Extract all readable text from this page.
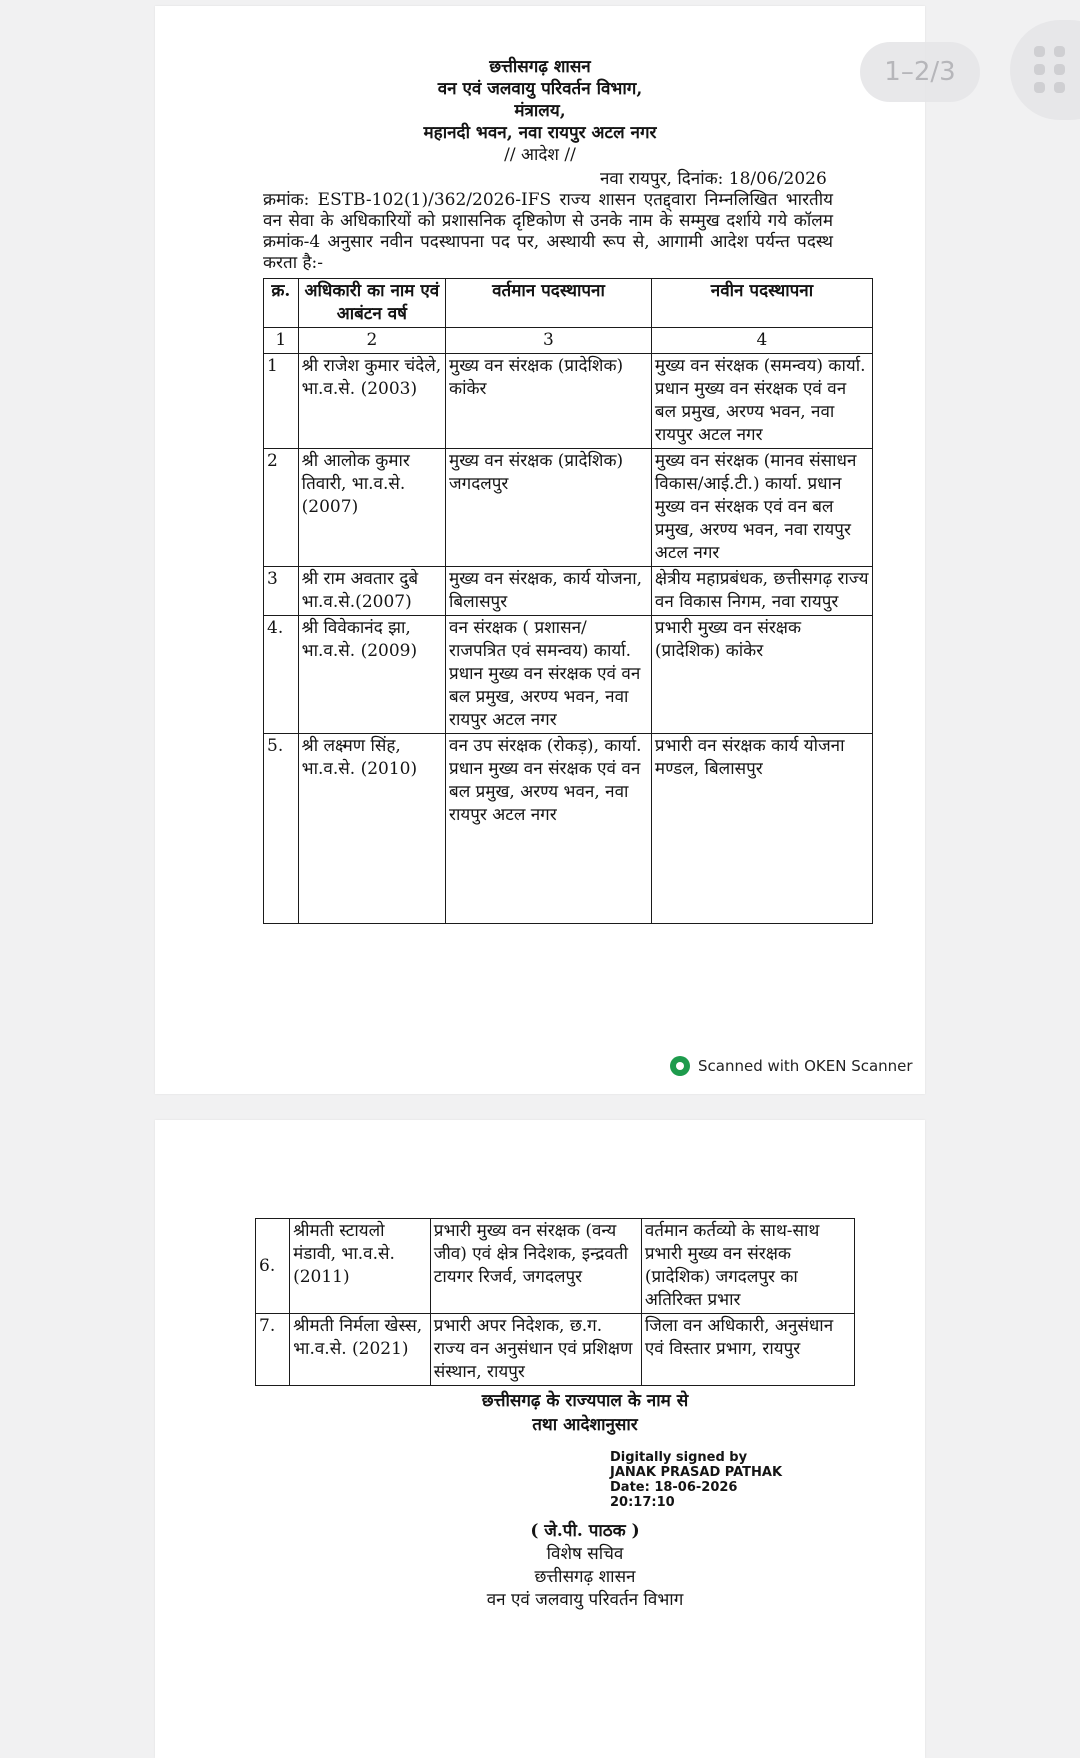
छत्तीसगढ़ शासन
वन एवं जलवायु परिवर्तन विभाग,
मंत्रालय,
महानदी भवन, नवा रायपुर अटल नगर
// आदेश //
नवा रायपुर, दिनांक: 18/06/2026
क्रमांक: ESTB-102(1)/362/2026-IFS राज्य शासन एतद्द्वारा निम्नलिखित भारतीय वन सेवा के अधिकारियों को प्रशासनिक दृष्टिकोण से उनके नाम के सम्मुख दर्शाये गये कॉलम क्रमांक-4 अनुसार नवीन पदस्थापना पद पर, अस्थायी रूप से, आगामी आदेश पर्यन्त पदस्थ करता है:-
क्र.	अधिकारी का नाम एवं आबंटन वर्ष	वर्तमान पदस्थापना	नवीन पदस्थापना
1	2	3	4
1	श्री राजेश कुमार चंदेले, भा.व.से. (2003)	मुख्य वन संरक्षक (प्रादेशिक) कांकेर	मुख्य वन संरक्षक (समन्वय) कार्या. प्रधान मुख्य वन संरक्षक एवं वन बल प्रमुख, अरण्य भवन, नवा रायपुर अटल नगर
2	श्री आलोक कुमार तिवारी, भा.व.से. (2007)	मुख्य वन संरक्षक (प्रादेशिक) जगदलपुर	मुख्य वन संरक्षक (मानव संसाधन विकास/आई.टी.) कार्या. प्रधान मुख्य वन संरक्षक एवं वन बल प्रमुख, अरण्य भवन, नवा रायपुर अटल नगर
3	श्री राम अवतार दुबे भा.व.से.(2007)	मुख्य वन संरक्षक, कार्य योजना, बिलासपुर	क्षेत्रीय महाप्रबंधक, छत्तीसगढ़ राज्य वन विकास निगम, नवा रायपुर
4.	श्री विवेकानंद झा, भा.व.से. (2009)	वन संरक्षक ( प्रशासन/ राजपत्रित एवं समन्वय) कार्या. प्रधान मुख्य वन संरक्षक एवं वन बल प्रमुख, अरण्य भवन, नवा रायपुर अटल नगर	प्रभारी मुख्य वन संरक्षक (प्रादेशिक) कांकेर
5.	श्री लक्ष्मण सिंह, भा.व.से. (2010)	वन उप संरक्षक (रोकड़), कार्या. प्रधान मुख्य वन संरक्षक एवं वन बल प्रमुख, अरण्य भवन, नवा रायपुर अटल नगर	प्रभारी वन संरक्षक कार्य योजना मण्डल, बिलासपुर
Scanned with OKEN Scanner
6.	श्रीमती स्टायलो मंडावी, भा.व.से. (2011)	प्रभारी मुख्य वन संरक्षक (वन्य जीव) एवं क्षेत्र निदेशक, इन्द्रवती टायगर रिजर्व, जगदलपुर	वर्तमान कर्तव्यो के साथ-साथ प्रभारी मुख्य वन संरक्षक (प्रादेशिक) जगदलपुर का अतिरिक्त प्रभार
7.	श्रीमती निर्मला खेस्स, भा.व.से. (2021)	प्रभारी अपर निदेशक, छ.ग. राज्य वन अनुसंधान एवं प्रशिक्षण संस्थान, रायपुर	जिला वन अधिकारी, अनुसंधान एवं विस्तार प्रभाग, रायपुर
छत्तीसगढ़ के राज्यपाल के नाम से
तथा आदेशानुसार
Digitally signed by
JANAK PRASAD PATHAK
Date: 18-06-2026
20:17:10
( जे.पी. पाठक )
विशेष सचिव
छत्तीसगढ़ शासन
वन एवं जलवायु परिवर्तन विभाग
1–2/3
